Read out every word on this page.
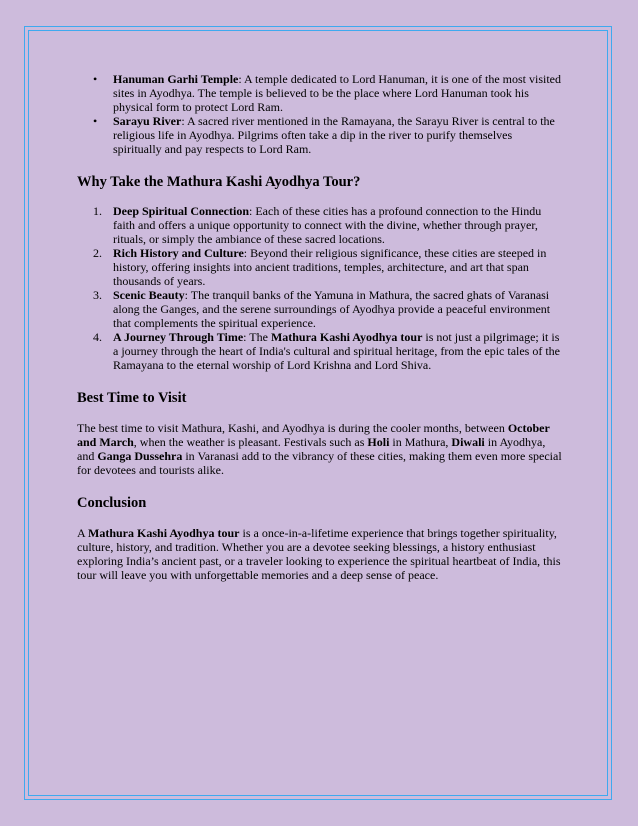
• Hanuman Garhi Temple: A temple dedicated to Lord Hanuman, it is one of the most visited sites in Ayodhya. The temple is believed to be the place where Lord Hanuman took his physical form to protect Lord Ram.
• Sarayu River: A sacred river mentioned in the Ramayana, the Sarayu River is central to the religious life in Ayodhya. Pilgrims often take a dip in the river to purify themselves spiritually and pay respects to Lord Ram.
Why Take the Mathura Kashi Ayodhya Tour?
1. Deep Spiritual Connection: Each of these cities has a profound connection to the Hindu faith and offers a unique opportunity to connect with the divine, whether through prayer, rituals, or simply the ambiance of these sacred locations.
2. Rich History and Culture: Beyond their religious significance, these cities are steeped in history, offering insights into ancient traditions, temples, architecture, and art that span thousands of years.
3. Scenic Beauty: The tranquil banks of the Yamuna in Mathura, the sacred ghats of Varanasi along the Ganges, and the serene surroundings of Ayodhya provide a peaceful environment that complements the spiritual experience.
4. A Journey Through Time: The Mathura Kashi Ayodhya tour is not just a pilgrimage; it is a journey through the heart of India's cultural and spiritual heritage, from the epic tales of the Ramayana to the eternal worship of Lord Krishna and Lord Shiva.
Best Time to Visit

The best time to visit Mathura, Kashi, and Ayodhya is during the cooler months, between October and March, when the weather is pleasant. Festivals such as Holi in Mathura, Diwali in Ayodhya, and Ganga Dussehra in Varanasi add to the vibrancy of these cities, making them even more special for devotees and tourists alike.

Conclusion

A Mathura Kashi Ayodhya tour is a once-in-a-lifetime experience that brings together spirituality, culture, history, and tradition. Whether you are a devotee seeking blessings, a history enthusiast exploring India’s ancient past, or a traveler looking to experience the spiritual heartbeat of India, this tour will leave you with unforgettable memories and a deep sense of peace.
